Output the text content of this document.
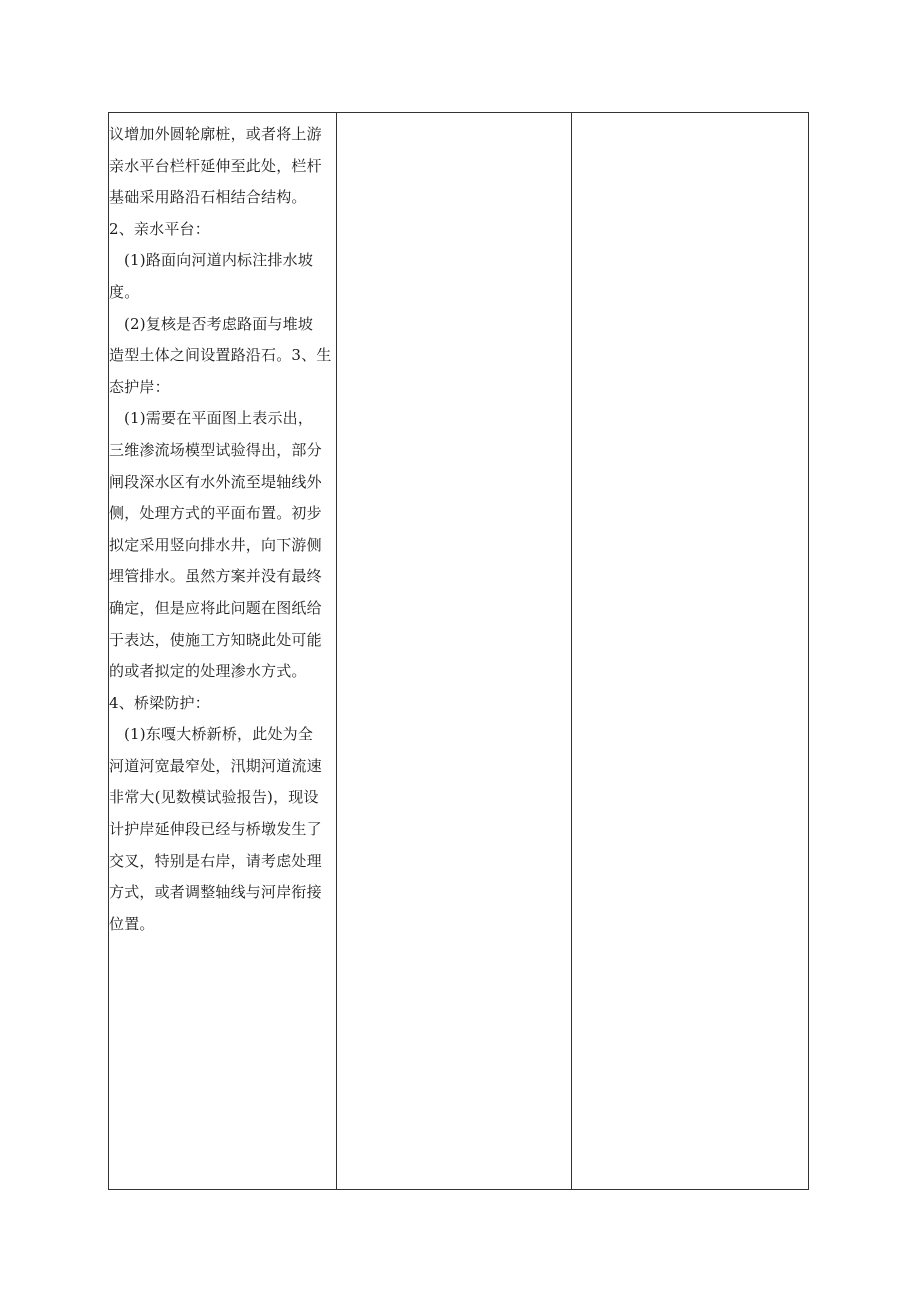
议增加外圆轮廓桩，或者将上游
亲水平台栏杆延伸至此处，栏杆
基础采用路沿石相结合结构。
2、亲水平台：
(1)路面向河道内标注排水坡
度。
(2)复核是否考虑路面与堆坡
造型土体之间设置路沿石。3、生
态护岸：
(1)需要在平面图上表示出，
三维渗流场模型试验得出，部分
闸段深水区有水外流至堤轴线外
侧，处理方式的平面布置。初步
拟定采用竖向排水井，向下游侧
埋管排水。虽然方案并没有最终
确定，但是应将此问题在图纸给
于表达，使施工方知晓此处可能
的或者拟定的处理渗水方式。
4、桥梁防护：
(1)东嘎大桥新桥，此处为全
河道河宽最窄处，汛期河道流速
非常大(见数模试验报告)，现设
计护岸延伸段已经与桥墩发生了
交叉，特别是右岸，请考虑处理
方式，或者调整轴线与河岸衔接
位置。
